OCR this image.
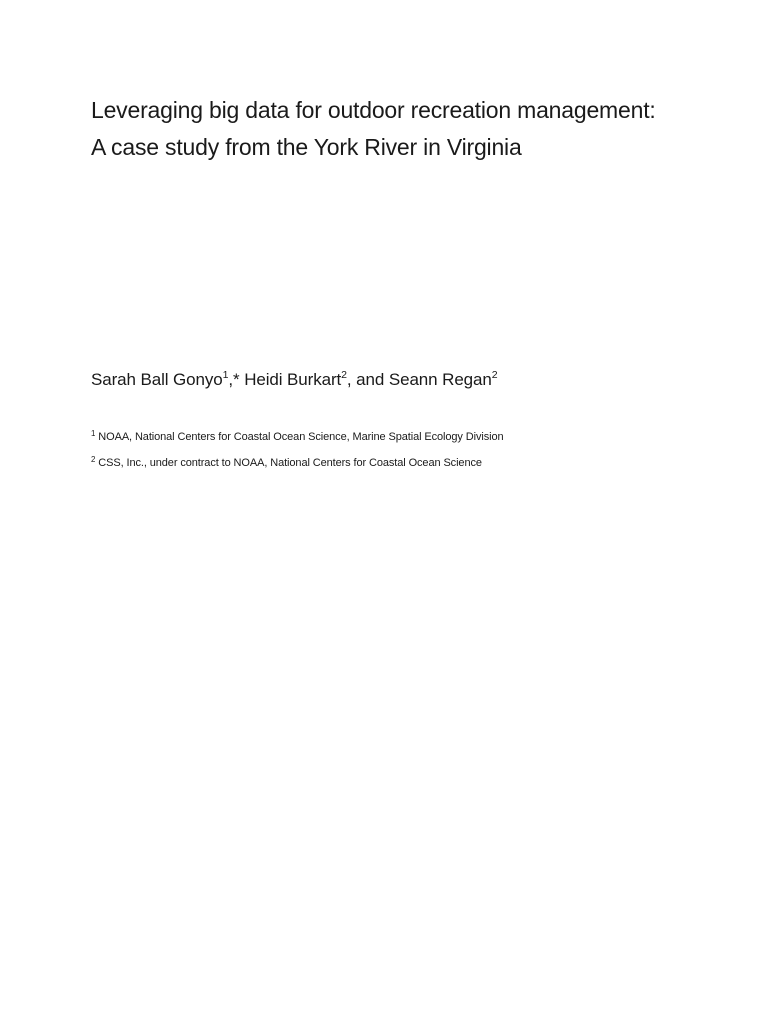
Leveraging big data for outdoor recreation management:
A case study from the York River in Virginia

Sarah Ball Gonyo$^1$,* Heidi Burkart$^2$, and Seann Regan$^2$

$^1$ NOAA, National Centers for Coastal Ocean Science, Marine Spatial Ecology Division

$^2$ CSS, Inc., under contract to NOAA, National Centers for Coastal Ocean Science
